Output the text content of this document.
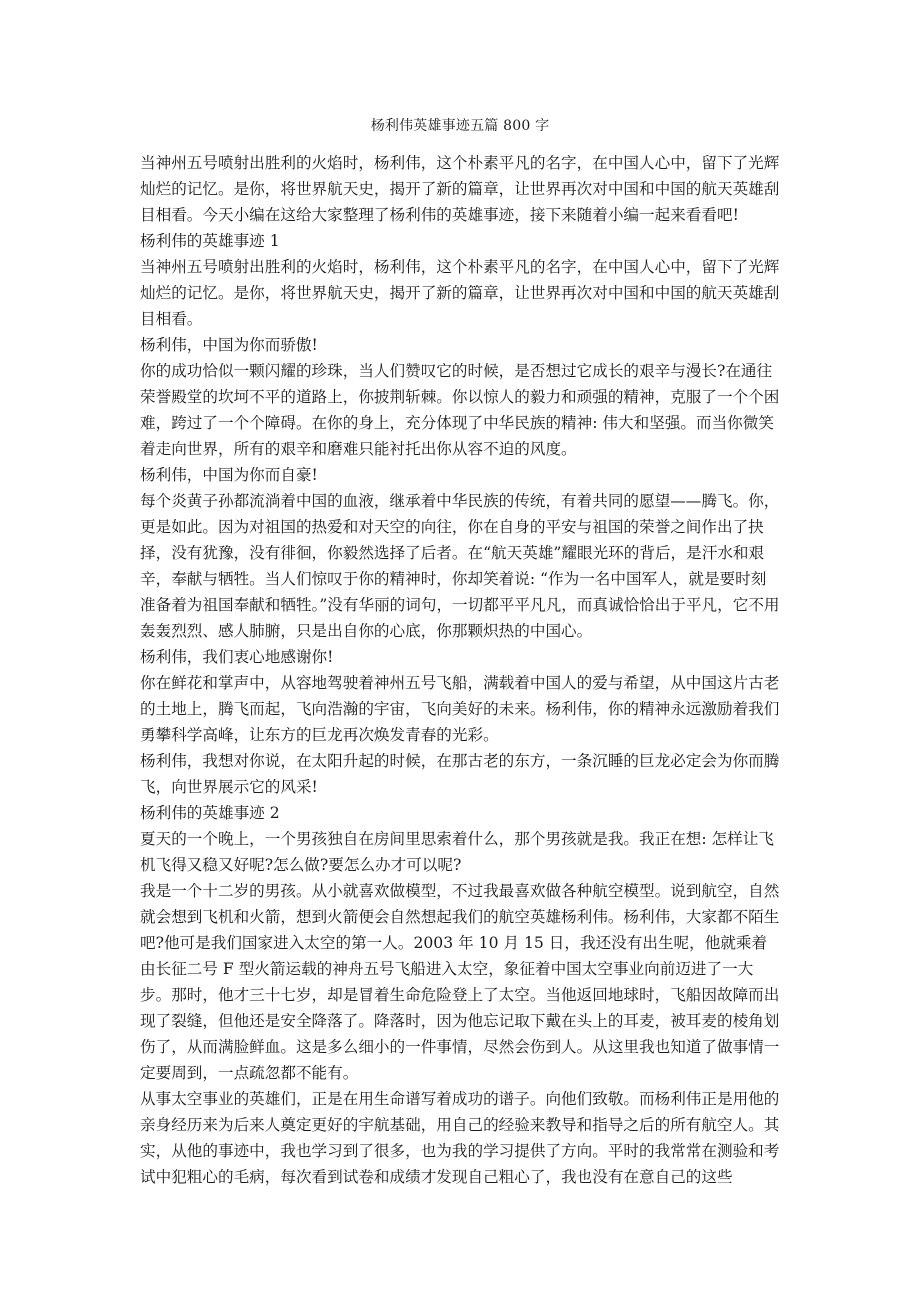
杨利伟英雄事迹五篇 800 字

当神州五号喷射出胜利的火焰时，杨利伟，这个朴素平凡的名字，在中国人心中，留下了光辉灿烂的记忆。是你，将世界航天史，揭开了新的篇章，让世界再次对中国和中国的航天英雄刮目相看。今天小编在这给大家整理了杨利伟的英雄事迹，接下来随着小编一起来看看吧!

杨利伟的英雄事迹 1

当神州五号喷射出胜利的火焰时，杨利伟，这个朴素平凡的名字，在中国人心中，留下了光辉灿烂的记忆。是你，将世界航天史，揭开了新的篇章，让世界再次对中国和中国的航天英雄刮目相看。

杨利伟，中国为你而骄傲!

你的成功恰似一颗闪耀的珍珠，当人们赞叹它的时候，是否想过它成长的艰辛与漫长?在通往荣誉殿堂的坎坷不平的道路上，你披荆斩棘。你以惊人的毅力和顽强的精神，克服了一个个困难，跨过了一个个障碍。在你的身上，充分体现了中华民族的精神: 伟大和坚强。而当你微笑着走向世界，所有的艰辛和磨难只能衬托出你从容不迫的风度。

杨利伟，中国为你而自豪!

每个炎黄子孙都流淌着中国的血液，继承着中华民族的传统，有着共同的愿望——腾飞。你，更是如此。因为对祖国的热爱和对天空的向往，你在自身的平安与祖国的荣誉之间作出了抉择，没有犹豫，没有徘徊，你毅然选择了后者。在“航天英雄”耀眼光环的背后，是汗水和艰辛，奉献与牺牲。当人们惊叹于你的精神时，你却笑着说: “作为一名中国军人，就是要时刻准备着为祖国奉献和牺牲。”没有华丽的词句，一切都平平凡凡，而真诚恰恰出于平凡，它不用轰轰烈烈、感人肺腑，只是出自你的心底，你那颗炽热的中国心。

杨利伟，我们衷心地感谢你!

你在鲜花和掌声中，从容地驾驶着神州五号飞船，满载着中国人的爱与希望，从中国这片古老的土地上，腾飞而起，飞向浩瀚的宇宙，飞向美好的未来。杨利伟，你的精神永远激励着我们勇攀科学高峰，让东方的巨龙再次焕发青春的光彩。

杨利伟，我想对你说，在太阳升起的时候，在那古老的东方，一条沉睡的巨龙必定会为你而腾飞，向世界展示它的风采!

杨利伟的英雄事迹 2

夏天的一个晚上，一个男孩独自在房间里思索着什么，那个男孩就是我。我正在想: 怎样让飞机飞得又稳又好呢?怎么做?要怎么办才可以呢?

我是一个十二岁的男孩。从小就喜欢做模型，不过我最喜欢做各种航空模型。说到航空，自然就会想到飞机和火箭，想到火箭便会自然想起我们的航空英雄杨利伟。杨利伟，大家都不陌生吧?他可是我们国家进入太空的第一人。2003 年 10 月 15 日，我还没有出生呢，他就乘着由长征二号 F 型火箭运载的神舟五号飞船进入太空，象征着中国太空事业向前迈进了一大步。那时，他才三十七岁，却是冒着生命危险登上了太空。当他返回地球时，飞船因故障而出现了裂缝，但他还是安全降落了。降落时，因为他忘记取下戴在头上的耳麦，被耳麦的棱角划伤了，从而满脸鲜血。这是多么细小的一件事情，尽然会伤到人。从这里我也知道了做事情一定要周到，一点疏忽都不能有。

从事太空事业的英雄们，正是在用生命谱写着成功的谱子。向他们致敬。而杨利伟正是用他的亲身经历来为后来人奠定更好的宇航基础，用自己的经验来教导和指导之后的所有航空人。其实，从他的事迹中，我也学习到了很多，也为我的学习提供了方向。平时的我常常在测验和考试中犯粗心的毛病，每次看到试卷和成绩才发现自己粗心了，我也没有在意自己的这些
